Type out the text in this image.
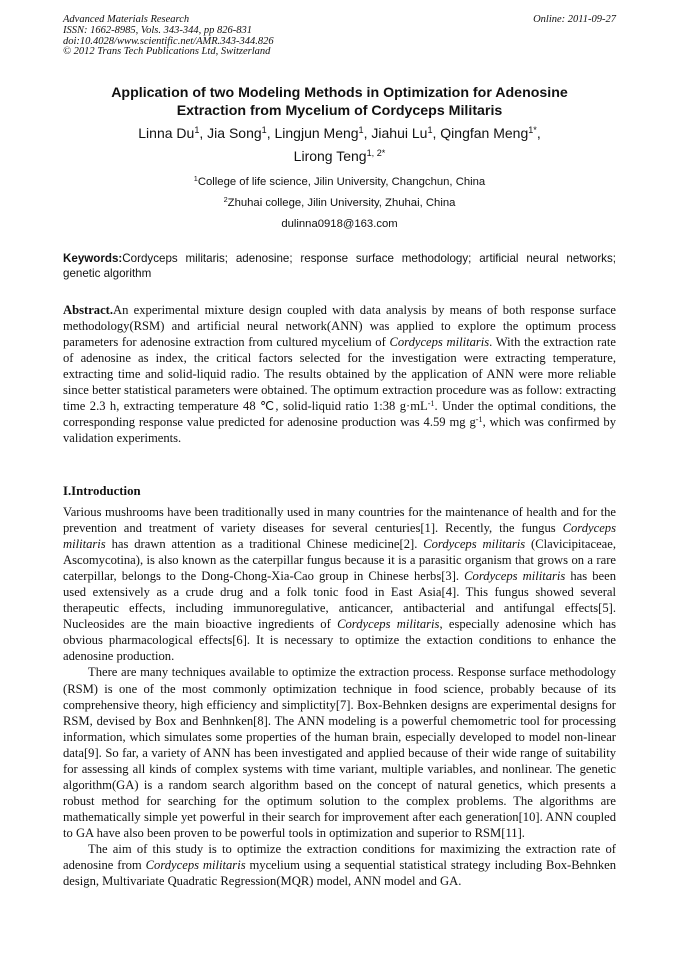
Advanced Materials Research	Online: 2011-09-27
ISSN: 1662-8985, Vols. 343-344, pp 826-831
doi:10.4028/www.scientific.net/AMR.343-344.826
© 2012 Trans Tech Publications Ltd, Switzerland
Application of two Modeling Methods in Optimization for Adenosine
Extraction from Mycelium of Cordyceps Militaris
Linna Du$^1$, Jia Song$^1$, Lingjun Meng$^1$, Jiahui Lu$^1$, Qingfan Meng$^{1*}$,
Lirong Teng$^{1, 2*}$
$^1$College of life science, Jilin University, Changchun, China
$^2$Zhuhai college, Jilin University, Zhuhai, China
dulinna0918@163.com
Keywords:Cordyceps militaris; adenosine; response surface methodology; artificial neural networks; genetic algorithm
Abstract.An experimental mixture design coupled with data analysis by means of both response surface methodology(RSM) and artificial neural network(ANN) was applied to explore the optimum process parameters for adenosine extraction from cultured mycelium of Cordyceps militaris. With the extraction rate of adenosine as index, the critical factors selected for the investigation were extracting temperature, extracting time and solid-liquid radio. The results obtained by the application of ANN were more reliable since better statistical parameters were obtained. The optimum extraction procedure was as follow: extracting time 2.3 h, extracting temperature 48 ℃, solid-liquid ratio 1:38 $g\cdot mL^{-1}$. Under the optimal conditions, the corresponding response value predicted for adenosine production was 4.59 mg $g^{-1}$, which was confirmed by validation experiments.
I.Introduction

Various mushrooms have been traditionally used in many countries for the maintenance of health and for the prevention and treatment of variety diseases for several centuries[1]. Recently, the fungus Cordyceps militaris has drawn attention as a traditional Chinese medicine[2]. Cordyceps militaris (Clavicipitaceae, Ascomycotina), is also known as the caterpillar fungus because it is a parasitic organism that grows on a rare caterpillar, belongs to the Dong-Chong-Xia-Cao group in Chinese herbs[3]. Cordyceps militaris has been used extensively as a crude drug and a folk tonic food in East Asia[4]. This fungus showed several therapeutic effects, including immunoregulative, anticancer, antibacterial and antifungal effects[5]. Nucleosides are the main bioactive ingredients of Cordyceps militaris, especially adenosine which has obvious pharmacological effects[6]. It is necessary to optimize the extaction conditions to enhance the adenosine production.

There are many techniques available to optimize the extraction process. Response surface methodology (RSM) is one of the most commonly optimization technique in food science, probably because of its comprehensive theory, high efficiency and simplictity[7]. Box-Behnken designs are experimental designs for RSM, devised by Box and Benhnken[8]. The ANN modeling is a powerful chemometric tool for processing information, which simulates some properties of the human brain, especially developed to model non-linear data[9]. So far, a variety of ANN has been investigated and applied because of their wide range of suitability for assessing all kinds of complex systems with time variant, multiple variables, and nonlinear. The genetic algorithm(GA) is a random search algorithm based on the concept of natural genetics, which presents a robust method for searching for the optimum solution to the complex problems. The algorithms are mathematically simple yet powerful in their search for improvement after each generation[10]. ANN coupled to GA have also been proven to be powerful tools in optimization and superior to RSM[11].

The aim of this study is to optimize the extraction conditions for maximizing the extraction rate of adenosine from Cordyceps militaris mycelium using a sequential statistical strategy including Box-Behnken design, Multivariate Quadratic Regression(MQR) model, ANN model and GA.
